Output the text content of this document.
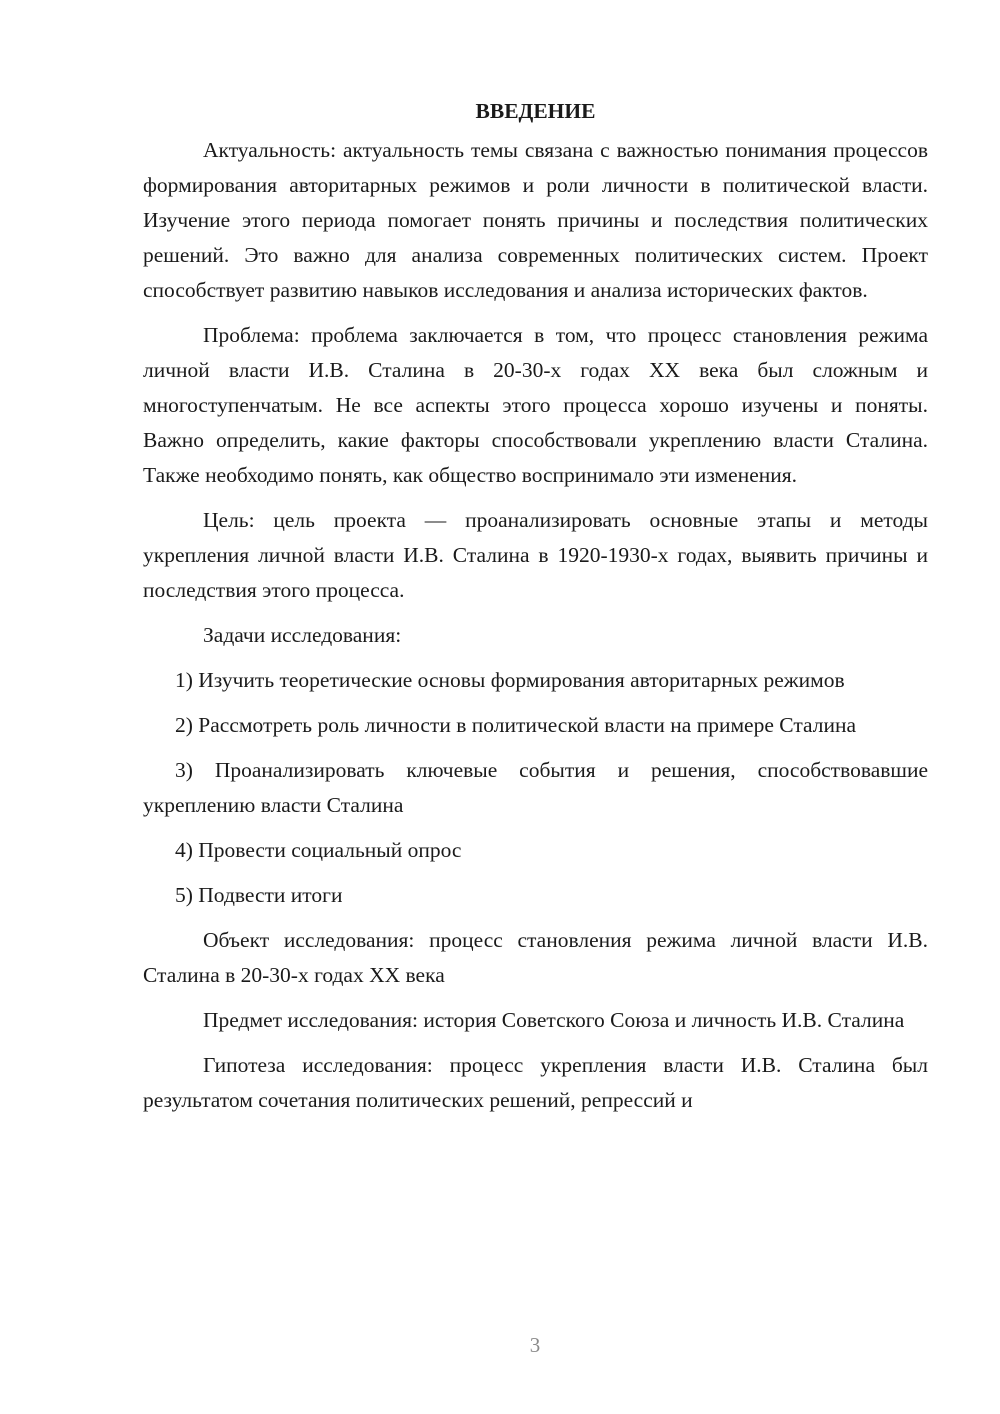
ВВЕДЕНИЕ

Актуальность: актуальность темы связана с важностью понимания процессов формирования авторитарных режимов и роли личности в политической власти. Изучение этого периода помогает понять причины и последствия политических решений. Это важно для анализа современных политических систем. Проект способствует развитию навыков исследования и анализа исторических фактов.

Проблема: проблема заключается в том, что процесс становления режима личной власти И.В. Сталина в 20-30-х годах XX века был сложным и многоступенчатым. Не все аспекты этого процесса хорошо изучены и поняты. Важно определить, какие факторы способствовали укреплению власти Сталина. Также необходимо понять, как общество воспринимало эти изменения.

Цель: цель проекта — проанализировать основные этапы и методы укрепления личной власти И.В. Сталина в 1920-1930-х годах, выявить причины и последствия этого процесса.

Задачи исследования:

1) Изучить теоретические основы формирования авторитарных режимов

2) Рассмотреть роль личности в политической власти на примере Сталина

3) Проанализировать ключевые события и решения, способствовавшие укреплению власти Сталина

4) Провести социальный опрос

5) Подвести итоги

Объект исследования: процесс становления режима личной власти И.В. Сталина в 20-30-х годах XX века

Предмет исследования: история Советского Союза и личность И.В. Сталина

Гипотеза исследования: процесс укрепления власти И.В. Сталина был результатом сочетания политических решений, репрессий и

3
